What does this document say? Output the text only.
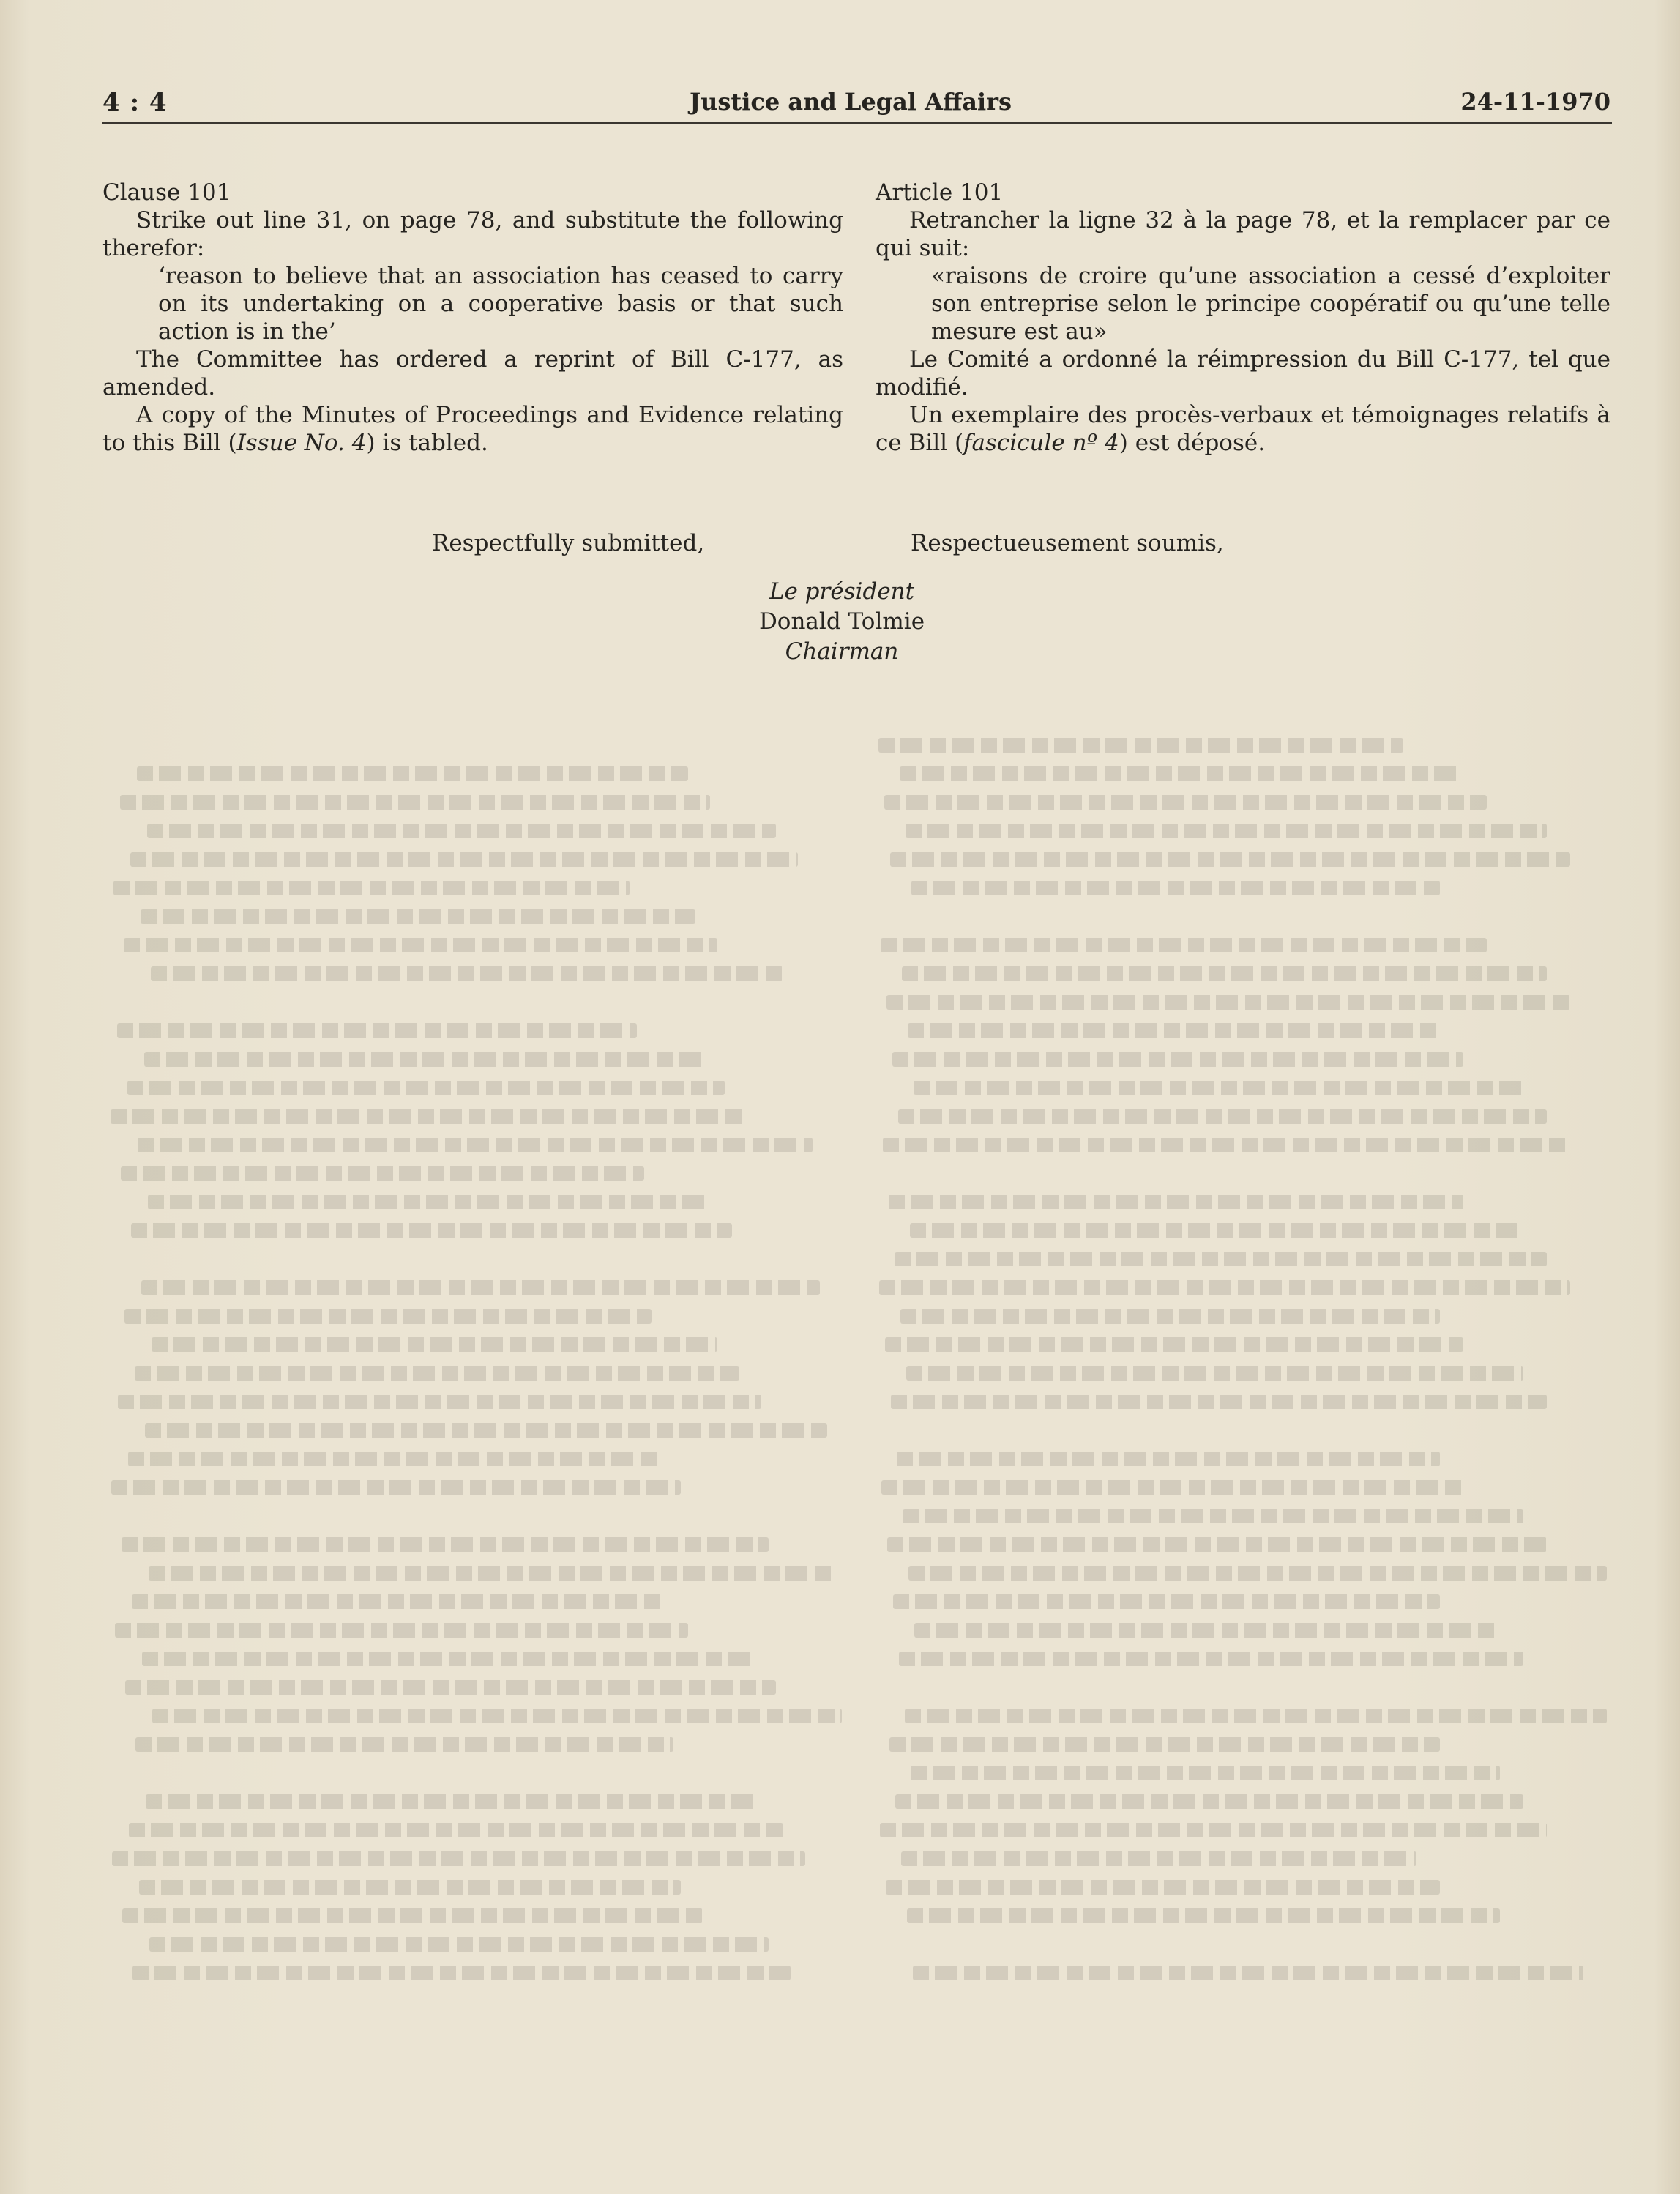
4 : 4	Justice and Legal Affairs	24-11-1970

Clause 101

Strike out line 31, on page 78, and substitute the following therefor:

‘reason to believe that an association has ceased to carry on its undertaking on a cooperative basis or that such action is in the’

The Committee has ordered a reprint of Bill C-177, as amended.

A copy of the Minutes of Proceedings and Evidence relating to this Bill (Issue No. 4) is tabled.

Article 101

Retrancher la ligne 32 à la page 78, et la remplacer par ce qui suit:

«raisons de croire qu’une association a cessé d’exploiter son entreprise selon le principe coopératif ou qu’une telle mesure est au»

Le Comité a ordonné la réimpression du Bill C-177, tel que modifié.

Un exemplaire des procès-verbaux et témoignages relatifs à ce Bill (fascicule nº 4) est déposé.

Respectfully submitted,	Respectueusement soumis,
Le président
Donald Tolmie
Chairman
